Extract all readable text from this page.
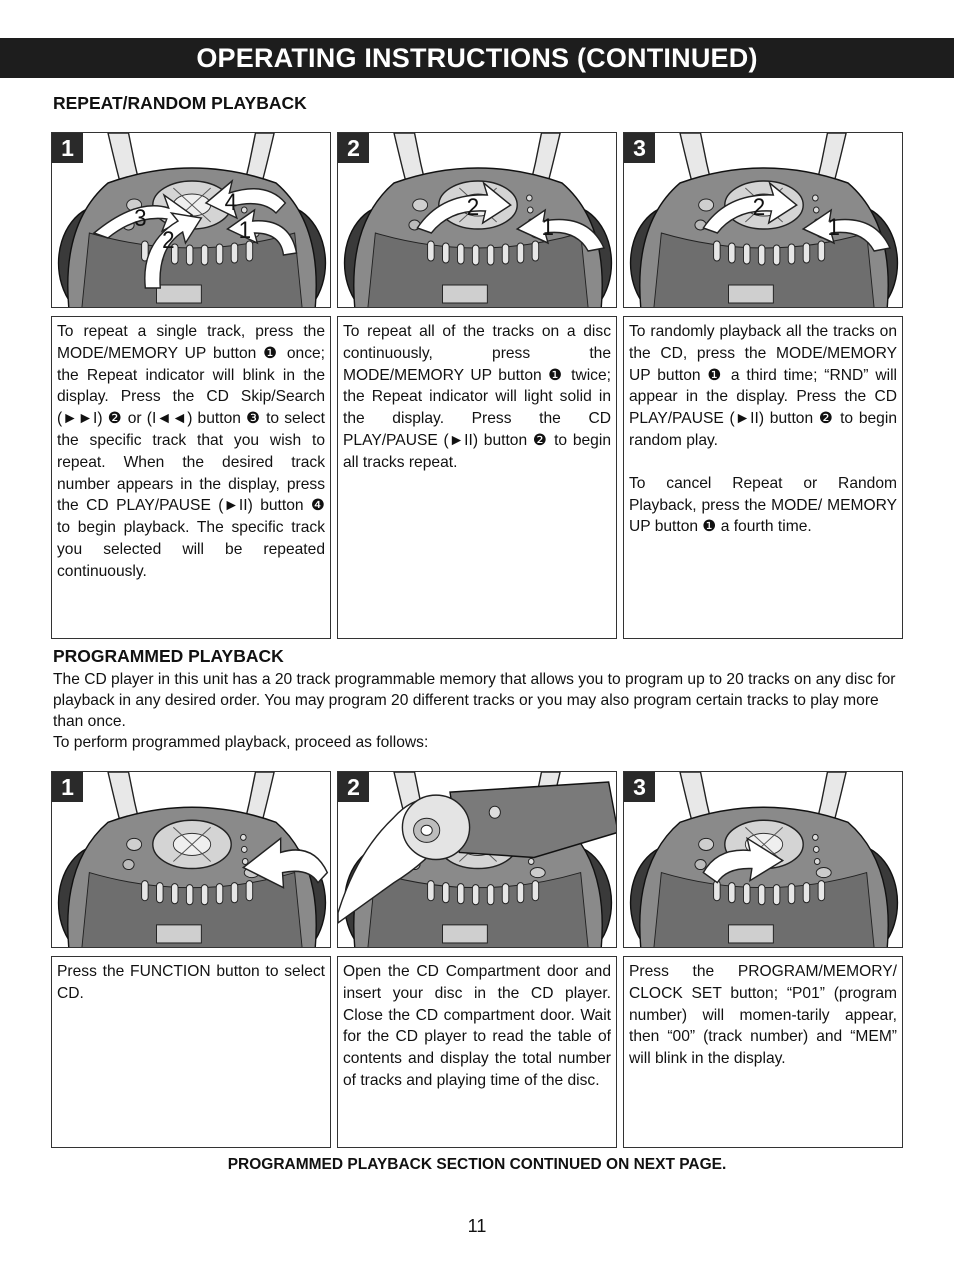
OPERATING INSTRUCTIONS (CONTINUED)
REPEAT/RANDOM PLAYBACK
1
3
4
2	1
2
2
1
3
2
1

To repeat a single track, press the MODE/MEMORY UP button ❶ once; the Repeat indicator will blink in the display. Press the CD Skip/Search (►►I) ❷ or (I◄◄) button ❸ to select the specific track that you wish to repeat. When the desired track number appears in the display, press the CD PLAY/PAUSE (►II) button ❹ to begin playback. The specific track you selected will be repeated continuously.

To repeat all of the tracks on a disc continuously, press the MODE/MEMORY UP button ❶ twice; the Repeat indicator will light solid in the display. Press the CD PLAY/PAUSE (►II) button ❷ to begin all tracks repeat.

To randomly playback all the tracks on the CD, press the MODE/MEMORY UP button ❶ a third time; “RND” will appear in the display. Press the CD PLAY/PAUSE (►II) button ❷ to begin random play.

To cancel Repeat or Random Playback, press the MODE/ MEMORY UP button ❶ a fourth time.

PROGRAMMED PLAYBACK

The CD player in this unit has a 20 track programmable memory that allows you to program up to 20 tracks on any disc for playback in any desired order. You may program 20 different tracks or you may also program certain tracks to play more than once.

To perform programmed playback, proceed as follows:

1	2	3

Press the FUNCTION button to select CD.

Open the CD Compartment door and insert your disc in the CD player. Close the CD compartment door. Wait for the CD player to read the table of contents and display the total number of tracks and playing time of the disc.

Press the PROGRAM/MEMORY/ CLOCK SET button; “P01” (program number) will momen-tarily appear, then “00” (track number) and “MEM” will blink in the display.

PROGRAMMED PLAYBACK SECTION CONTINUED ON NEXT PAGE.
11
